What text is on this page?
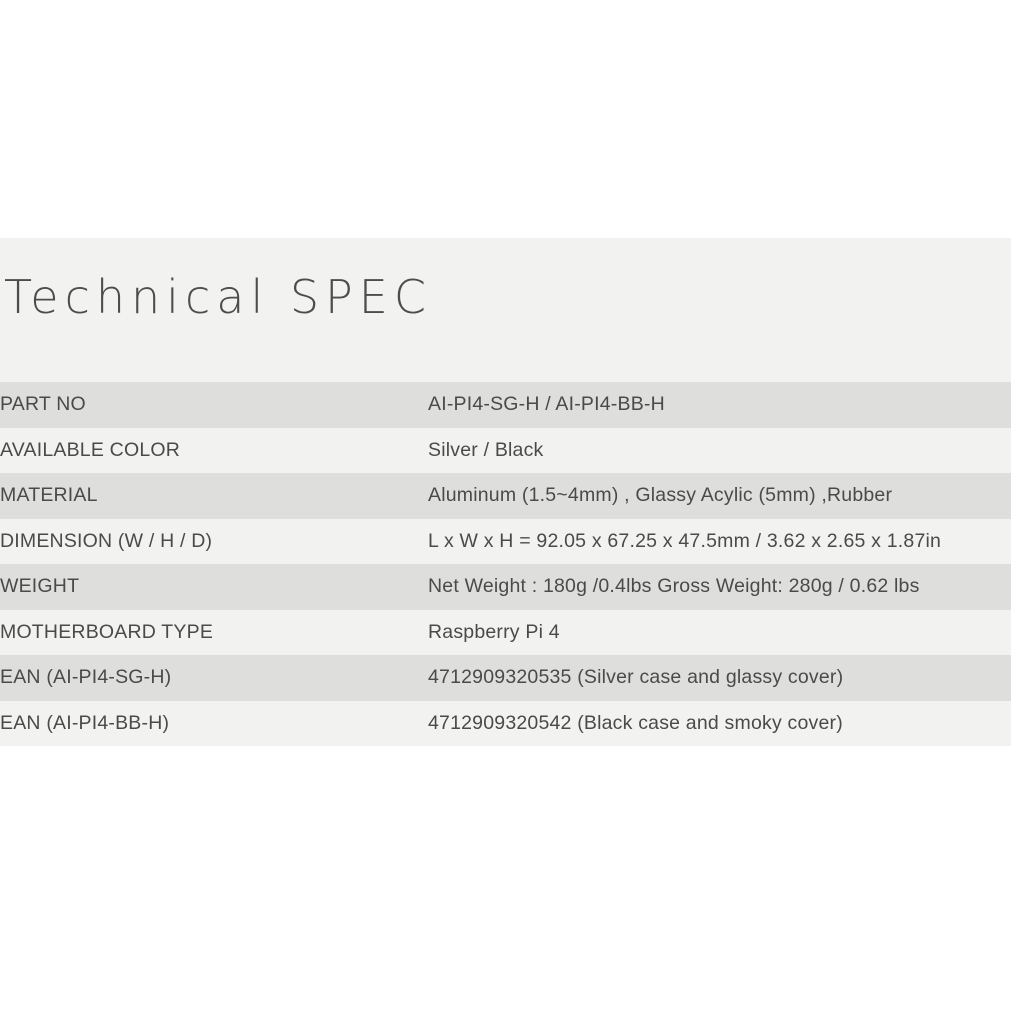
Technical SPEC
PART NO	AI-PI4-SG-H / AI-PI4-BB-H
AVAILABLE COLOR	Silver / Black
MATERIAL	Aluminum (1.5~4mm) , Glassy Acylic (5mm) ,Rubber
DIMENSION (W / H / D)	L x W x H = 92.05 x 67.25 x 47.5mm / 3.62 x 2.65 x 1.87in
WEIGHT	Net Weight : 180g /0.4lbs Gross Weight: 280g / 0.62 lbs
MOTHERBOARD TYPE	Raspberry Pi 4
EAN (AI-PI4-SG-H)	4712909320535 (Silver case and glassy cover)
EAN (AI-PI4-BB-H)	4712909320542 (Black case and smoky cover)
